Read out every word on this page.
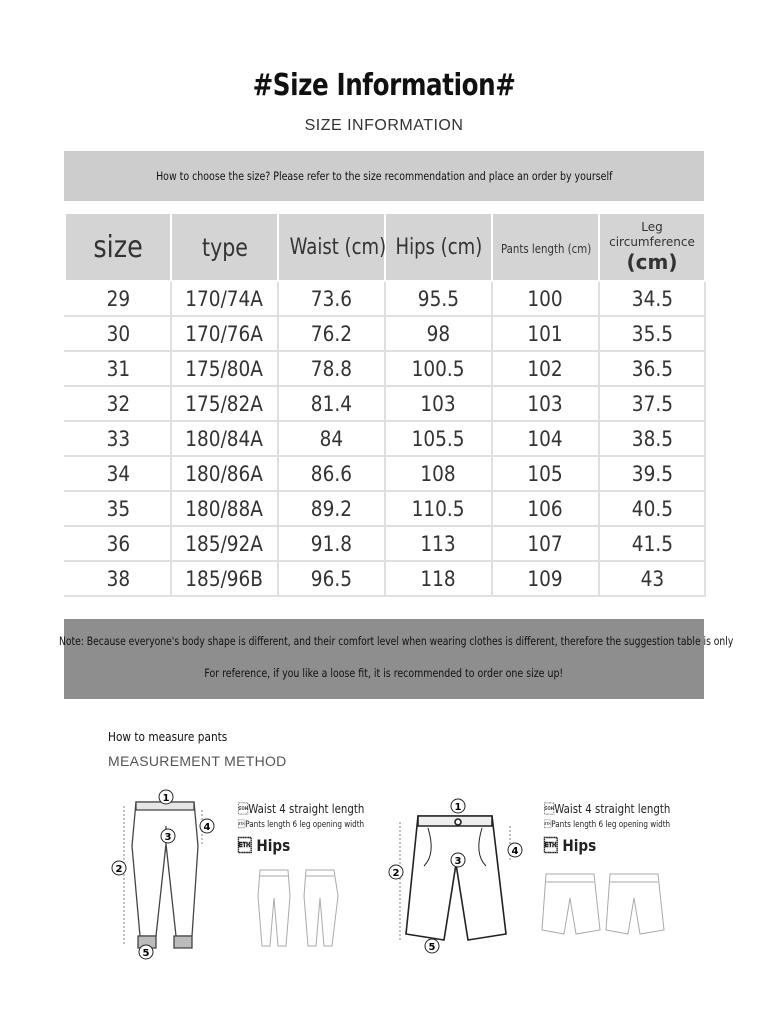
#Size Information#
SIZE INFORMATION
How to choose the size? Please refer to the size recommendation and place an order by yourself
size	type	Waist (cm)	Hips (cm)	Pants length (cm)	Leg
circumference
(cm)

29	170/74A	73.6	95.5	100	34.5
30	170/76A	76.2	98	101	35.5
31	175/80A	78.8	100.5	102	36.5
32	175/82A	81.4	103	103	37.5
33	180/84A	84	105.5	104	38.5
34	180/86A	86.6	108	105	39.5
35	180/88A	89.2	110.5	106	40.5
36	185/92A	91.8	113	107	41.5
38	185/96B	96.5	118	109	43
Note: Because everyone's body shape is different, and their comfort level when wearing clothes is different, therefore the suggestion table is only
For reference, if you like a loose fit, it is recommended to order one size up!
How to measure pants
MEASUREMENT METHOD
1
2
3
4
5
Waist 4 straight length
Pants length 6 leg opening width
 Hips
1
2
3
4
5
Waist 4 straight length
Pants length 6 leg opening width
 Hips
